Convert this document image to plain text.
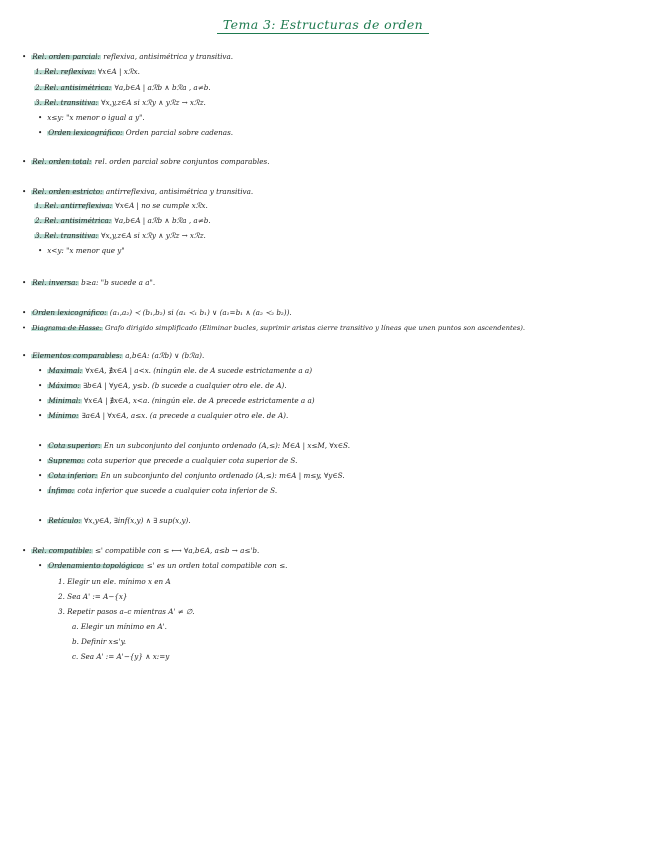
Tema 3: Estructuras de orden
• Rel. orden parcial: reflexiva, antisimétrica y transitiva.
1. Rel. reflexiva: ∀x∈A | xℛx.
2. Rel. antisimétrica: ∀a,b∈A | aℛb ∧ bℛa , a≠b.
3. Rel. transitiva: ∀x,y,z∈A si xℛy ∧ yℛz → xℛz.
• x≤y: "x menor o igual a y".
• Orden lexicográfico: Orden parcial sobre cadenas.
• Rel. orden total: rel. orden parcial sobre conjuntos comparables.
• Rel. orden estricto: antirreflexiva, antisimétrica y transitiva.
1. Rel. antirreflexiva: ∀x∈A | no se cumple xℛx.
2. Rel. antisimétrica: ∀a,b∈A | aℛb ∧ bℛa , a≠b.
3. Rel. transitiva: ∀x,y,z∈A si xℛy ∧ yℛz → xℛz.
• x<y: "x menor que y"
• Rel. inversa: b≥a: "b sucede a a".
• Orden lexicográfico: (a₁,a₂) ≺ (b₁,b₂) si (a₁ ≺₁ b₁) ∨ (a₁=b₁ ∧ (a₂ ≺₂ b₂)).
• Diagrama de Hasse: Grafo dirigido simplificado (Eliminar bucles, suprimir aristas cierre transitivo y líneas que unen puntos son ascendentes).
• Elementos comparables: a,b∈A: (aℛb) ∨ (bℛa).
• Maximal: ∀x∈A, ∄x∈A | a<x. (ningún ele. de A sucede estrictamente a a)
• Máximo: ∃b∈A | ∀y∈A, y≤b. (b sucede a cualquier otro ele. de A).
• Minimal: ∀x∈A | ∄x∈A, x<a. (ningún ele. de A precede estrictamente a a)
• Mínimo: ∃a∈A | ∀x∈A, a≤x. (a precede a cualquier otro ele. de A).
• Cota superior: En un subconjunto del conjunto ordenado (A,≤): M∈A | x≤M, ∀x∈S.
• Supremo: cota superior que precede a cualquier cota superior de S.
• Cota inferior: En un subconjunto del conjunto ordenado (A,≤): m∈A | m≤y, ∀y∈S.
• Ínfimo: cota inferior que sucede a cualquier cota inferior de S.
• Retículo: ∀x,y∈A, ∃inf(x,y) ∧ ∃ sup(x,y).
• Rel. compatible: ≤' compatible con ≤ ⟷ ∀a,b∈A, a≤b → a≤'b.
• Ordenamiento topológico: ≤' es un orden total compatible con ≤.
1. Elegir un ele. mínimo x en A
2. Sea A' := A−{x}
3. Repetir pasos a–c mientras A' ≠ ∅.
a. Elegir un mínimo en A'.
b. Definir x≤'y.
c. Sea A' := A'−{y} ∧ x:=y
